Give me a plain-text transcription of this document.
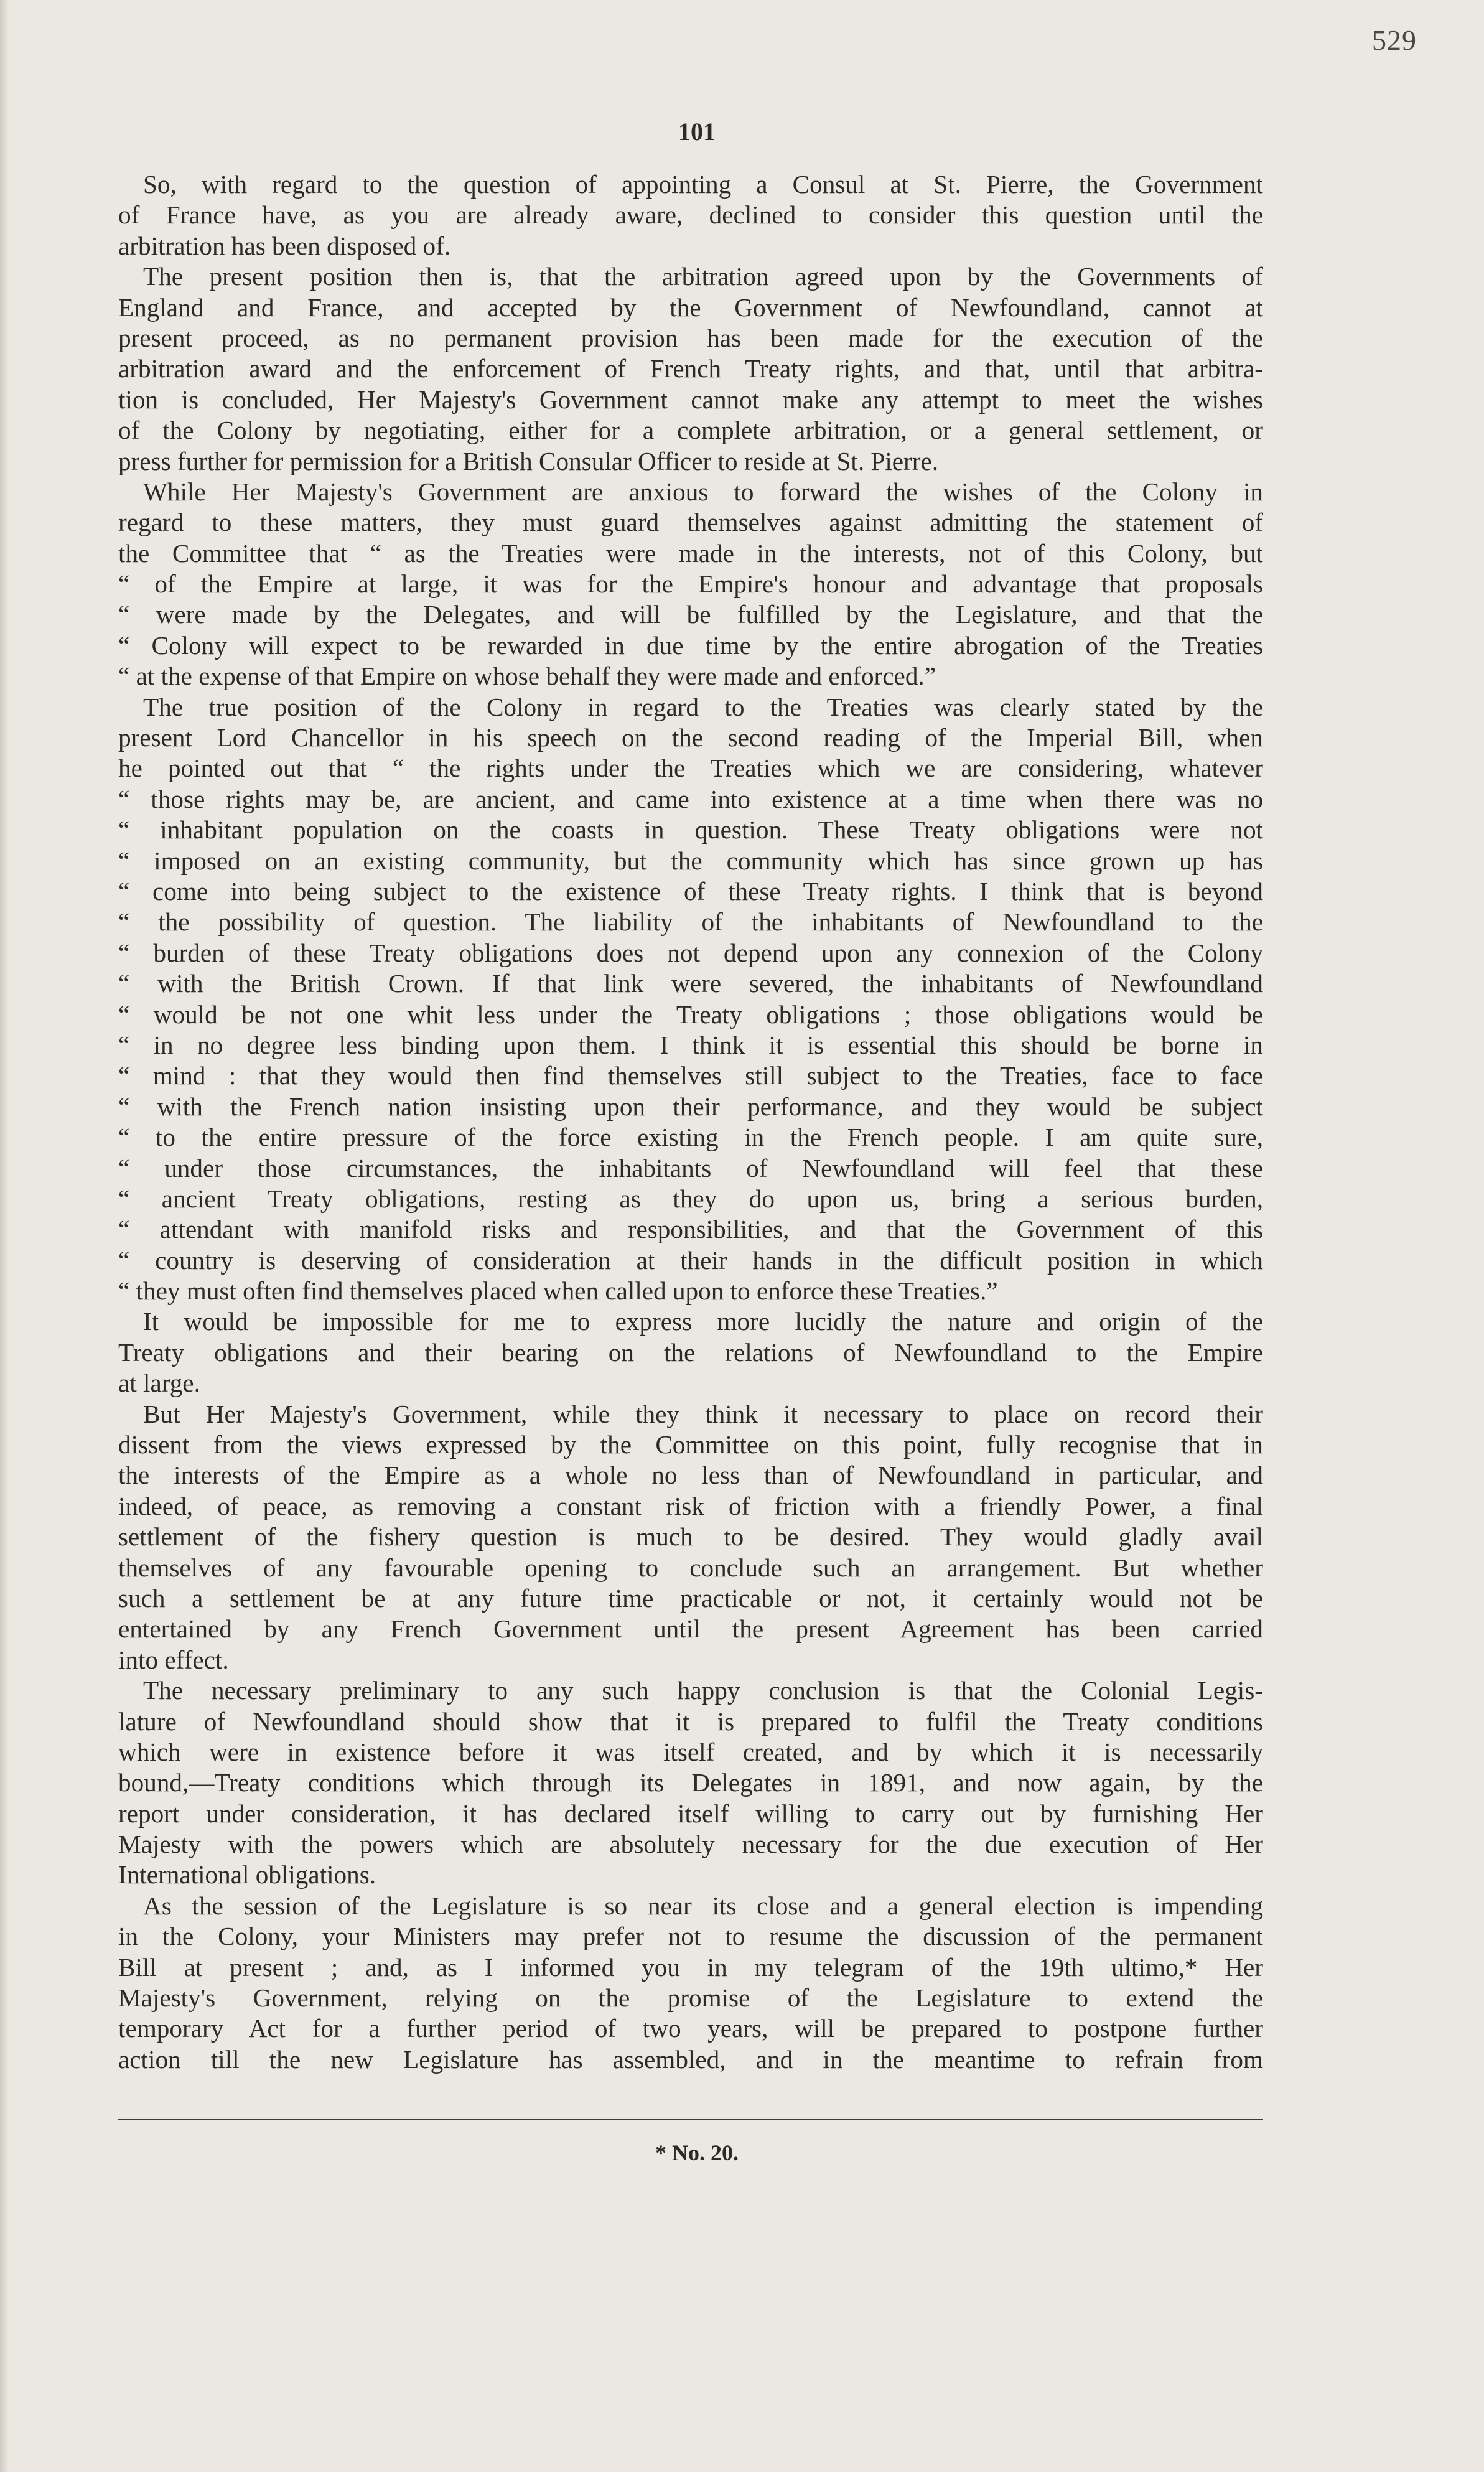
529
101
So, with regard to the question of appointing a Consul at St. Pierre, the Government
of France have, as you are already aware, declined to consider this question until the
arbitration has been disposed of.
The present position then is, that the arbitration agreed upon by the Governments of
England and France, and accepted by the Government of Newfoundland, cannot at
present proceed, as no permanent provision has been made for the execution of the
arbitration award and the enforcement of French Treaty rights, and that, until that arbitra-
tion is concluded, Her Majesty's Government cannot make any attempt to meet the wishes
of the Colony by negotiating, either for a complete arbitration, or a general settlement, or
press further for permission for a British Consular Officer to reside at St. Pierre.
While Her Majesty's Government are anxious to forward the wishes of the Colony in
regard to these matters, they must guard themselves against admitting the statement of
the Committee that “ as the Treaties were made in the interests, not of this Colony, but
“ of the Empire at large, it was for the Empire's honour and advantage that proposals
“ were made by the Delegates, and will be fulfilled by the Legislature, and that the
“ Colony will expect to be rewarded in due time by the entire abrogation of the Treaties
“ at the expense of that Empire on whose behalf they were made and enforced.”
The true position of the Colony in regard to the Treaties was clearly stated by the
present Lord Chancellor in his speech on the second reading of the Imperial Bill, when
he pointed out that “ the rights under the Treaties which we are considering, whatever
“ those rights may be, are ancient, and came into existence at a time when there was no
“ inhabitant population on the coasts in question. These Treaty obligations were not
“ imposed on an existing community, but the community which has since grown up has
“ come into being subject to the existence of these Treaty rights. I think that is beyond
“ the possibility of question. The liability of the inhabitants of Newfoundland to the
“ burden of these Treaty obligations does not depend upon any connexion of the Colony
“ with the British Crown. If that link were severed, the inhabitants of Newfoundland
“ would be not one whit less under the Treaty obligations ; those obligations would be
“ in no degree less binding upon them. I think it is essential this should be borne in
“ mind : that they would then find themselves still subject to the Treaties, face to face
“ with the French nation insisting upon their performance, and they would be subject
“ to the entire pressure of the force existing in the French people. I am quite sure,
“ under those circumstances, the inhabitants of Newfoundland will feel that these
“ ancient Treaty obligations, resting as they do upon us, bring a serious burden,
“ attendant with manifold risks and responsibilities, and that the Government of this
“ country is deserving of consideration at their hands in the difficult position in which
“ they must often find themselves placed when called upon to enforce these Treaties.”
It would be impossible for me to express more lucidly the nature and origin of the
Treaty obligations and their bearing on the relations of Newfoundland to the Empire
at large.
But Her Majesty's Government, while they think it necessary to place on record their
dissent from the views expressed by the Committee on this point, fully recognise that in
the interests of the Empire as a whole no less than of Newfoundland in particular, and
indeed, of peace, as removing a constant risk of friction with a friendly Power, a final
settlement of the fishery question is much to be desired. They would gladly avail
themselves of any favourable opening to conclude such an arrangement. But whether
such a settlement be at any future time practicable or not, it certainly would not be
entertained by any French Government until the present Agreement has been carried
into effect.
The necessary preliminary to any such happy conclusion is that the Colonial Legis-
lature of Newfoundland should show that it is prepared to fulfil the Treaty conditions
which were in existence before it was itself created, and by which it is necessarily
bound,—Treaty conditions which through its Delegates in 1891, and now again, by the
report under consideration, it has declared itself willing to carry out by furnishing Her
Majesty with the powers which are absolutely necessary for the due execution of Her
International obligations.
As the session of the Legislature is so near its close and a general election is impending
in the Colony, your Ministers may prefer not to resume the discussion of the permanent
Bill at present ; and, as I informed you in my telegram of the 19th ultimo,* Her
Majesty's Government, relying on the promise of the Legislature to extend the
temporary Act for a further period of two years, will be prepared to postpone further
action till the new Legislature has assembled, and in the meantime to refrain from
* No. 20.
